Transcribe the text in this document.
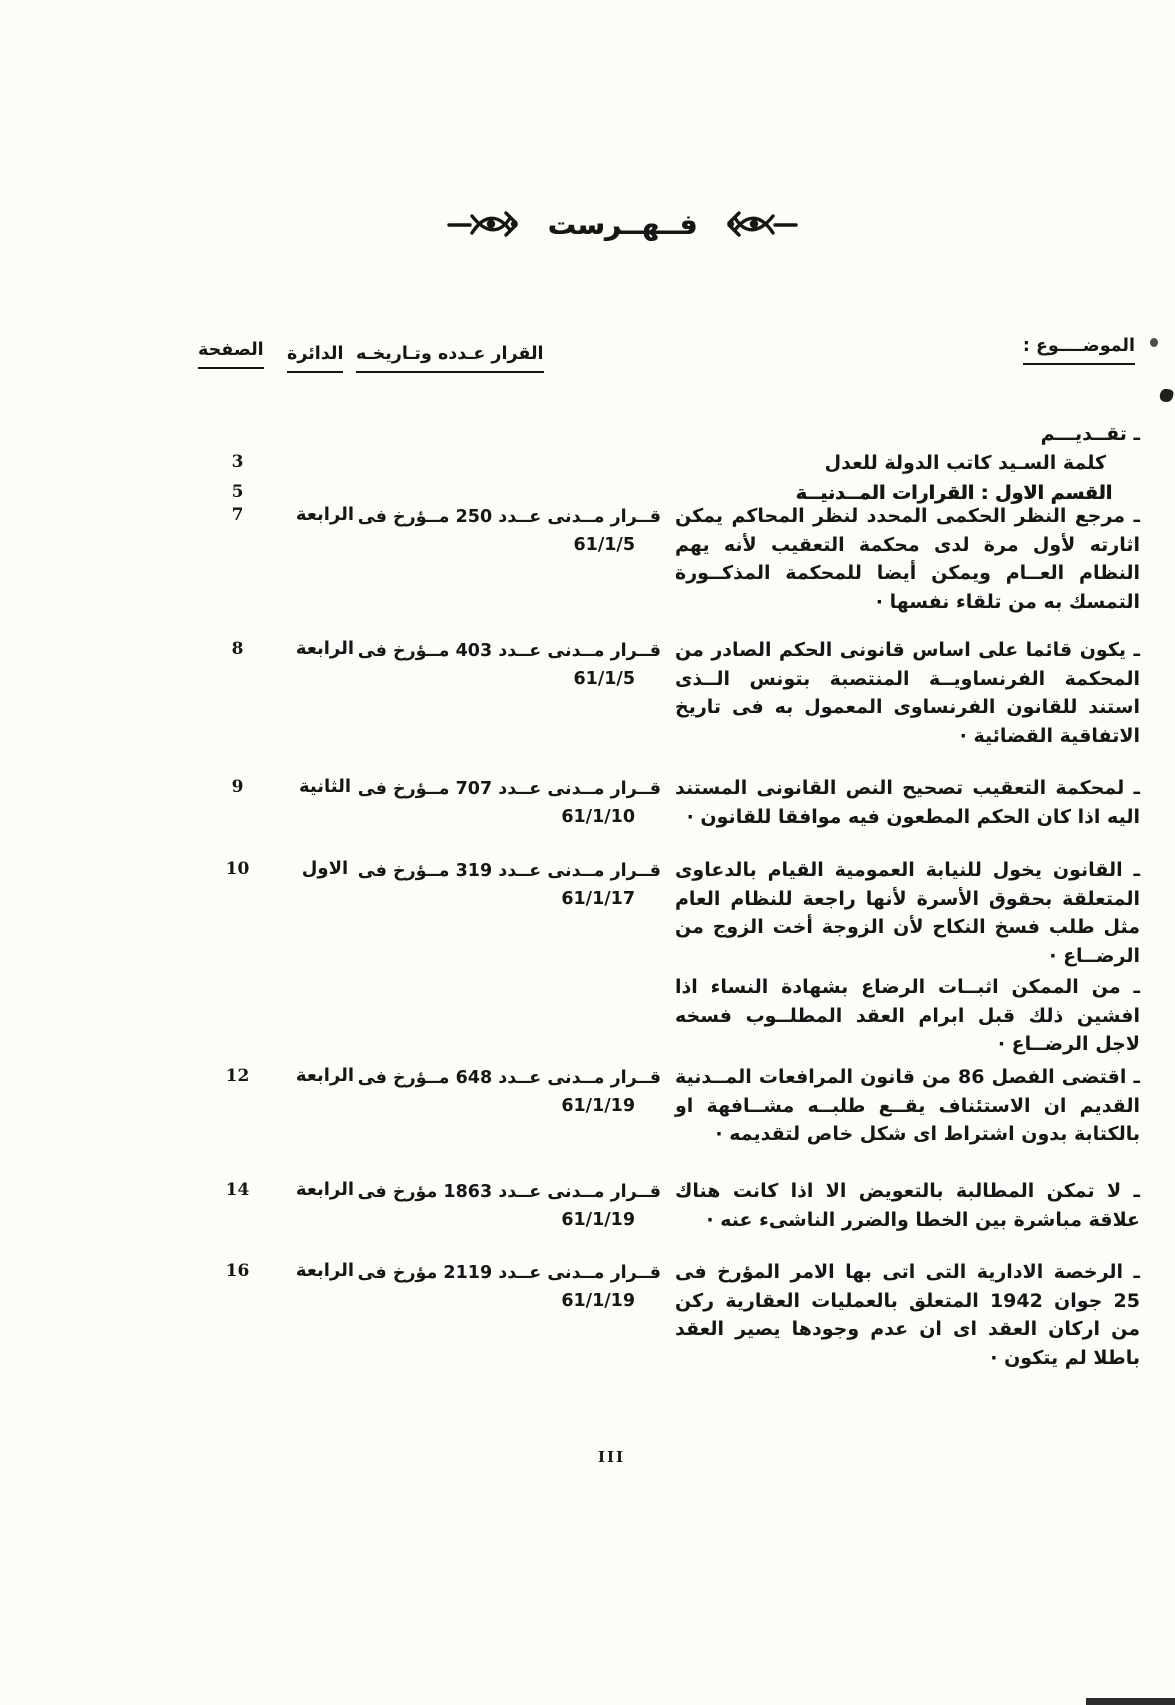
فــهــرست
الموضــــوع :
القرار عـدده وتـاريخـه
الدائرة
الصفحة
ـ تقــديـــم
كلمة السـيد كاتب الدولة للعدل
3
القسم الاول : القرارات المــدنيــة
5
ـ مرجع النظر الحكمى المحدد لنظر المحاكم يمكن اثارته لأول مرة لدى محكمة التعقيب لأنه يهم النظام العــام ويمكن أيضا للمحكمة المذكــورة التمسك به من تلقاء نفسها ·
قــرار مــدنى عــدد 250 مــؤرخ فى
61/1/5
الرابعة
7
ـ يكون قائما على اساس قانونى الحكم الصادر من المحكمة الفرنساويــة المنتصبة بتونس الــذى استند للقانون الفرنساوى المعمول به فى تاريخ الاتفاقية القضائية ·
قــرار مــدنى عــدد 403 مــؤرخ فى
61/1/5
الرابعة
8
ـ لمحكمة التعقيب تصحيح النص القانونى المستند اليه اذا كان الحكم المطعون فيه موافقا للقانون ·
قــرار مــدنى عــدد 707 مــؤرخ فى
61/1/10
الثانية
9
ـ القانون يخول للنيابة العمومية القيام بالدعاوى المتعلقة بحقوق الأسرة لأنها راجعة للنظام العام مثل طلب فسخ النكاح لأن الزوجة أخت الزوج من الرضــاع ·
قــرار مــدنى عــدد 319 مــؤرخ فى
61/1/17
الاول
10
ـ من الممكن اثبــات الرضاع بشهادة النساء اذا افشين ذلك قبل ابرام العقد المطلــوب فسخه لاجل الرضــاع ·
ـ اقتضى الفصل 86 من قانون المرافعات المــدنية القديم ان الاستئناف يقــع طلبــه مشــافهة او بالكتابة بدون اشتراط اى شكل خاص لتقديمه ·
قــرار مــدنى عــدد 648 مــؤرخ فى
61/1/19
الرابعة
12
ـ لا تمكن المطالبة بالتعويض الا اذا كانت هناك علاقة مباشرة بين الخطا والضرر الناشىء عنه ·
قــرار مــدنى عــدد 1863 مؤرخ فى
61/1/19
الرابعة
14
ـ الرخصة الادارية التى اتى بها الامر المؤرخ فى 25 جوان 1942 المتعلق بالعمليات العقارية ركن من اركان العقد اى ان عدم وجودها يصير العقد باطلا لم يتكون ·
قــرار مــدنى عــدد 2119 مؤرخ فى
61/1/19
الرابعة
16
III
